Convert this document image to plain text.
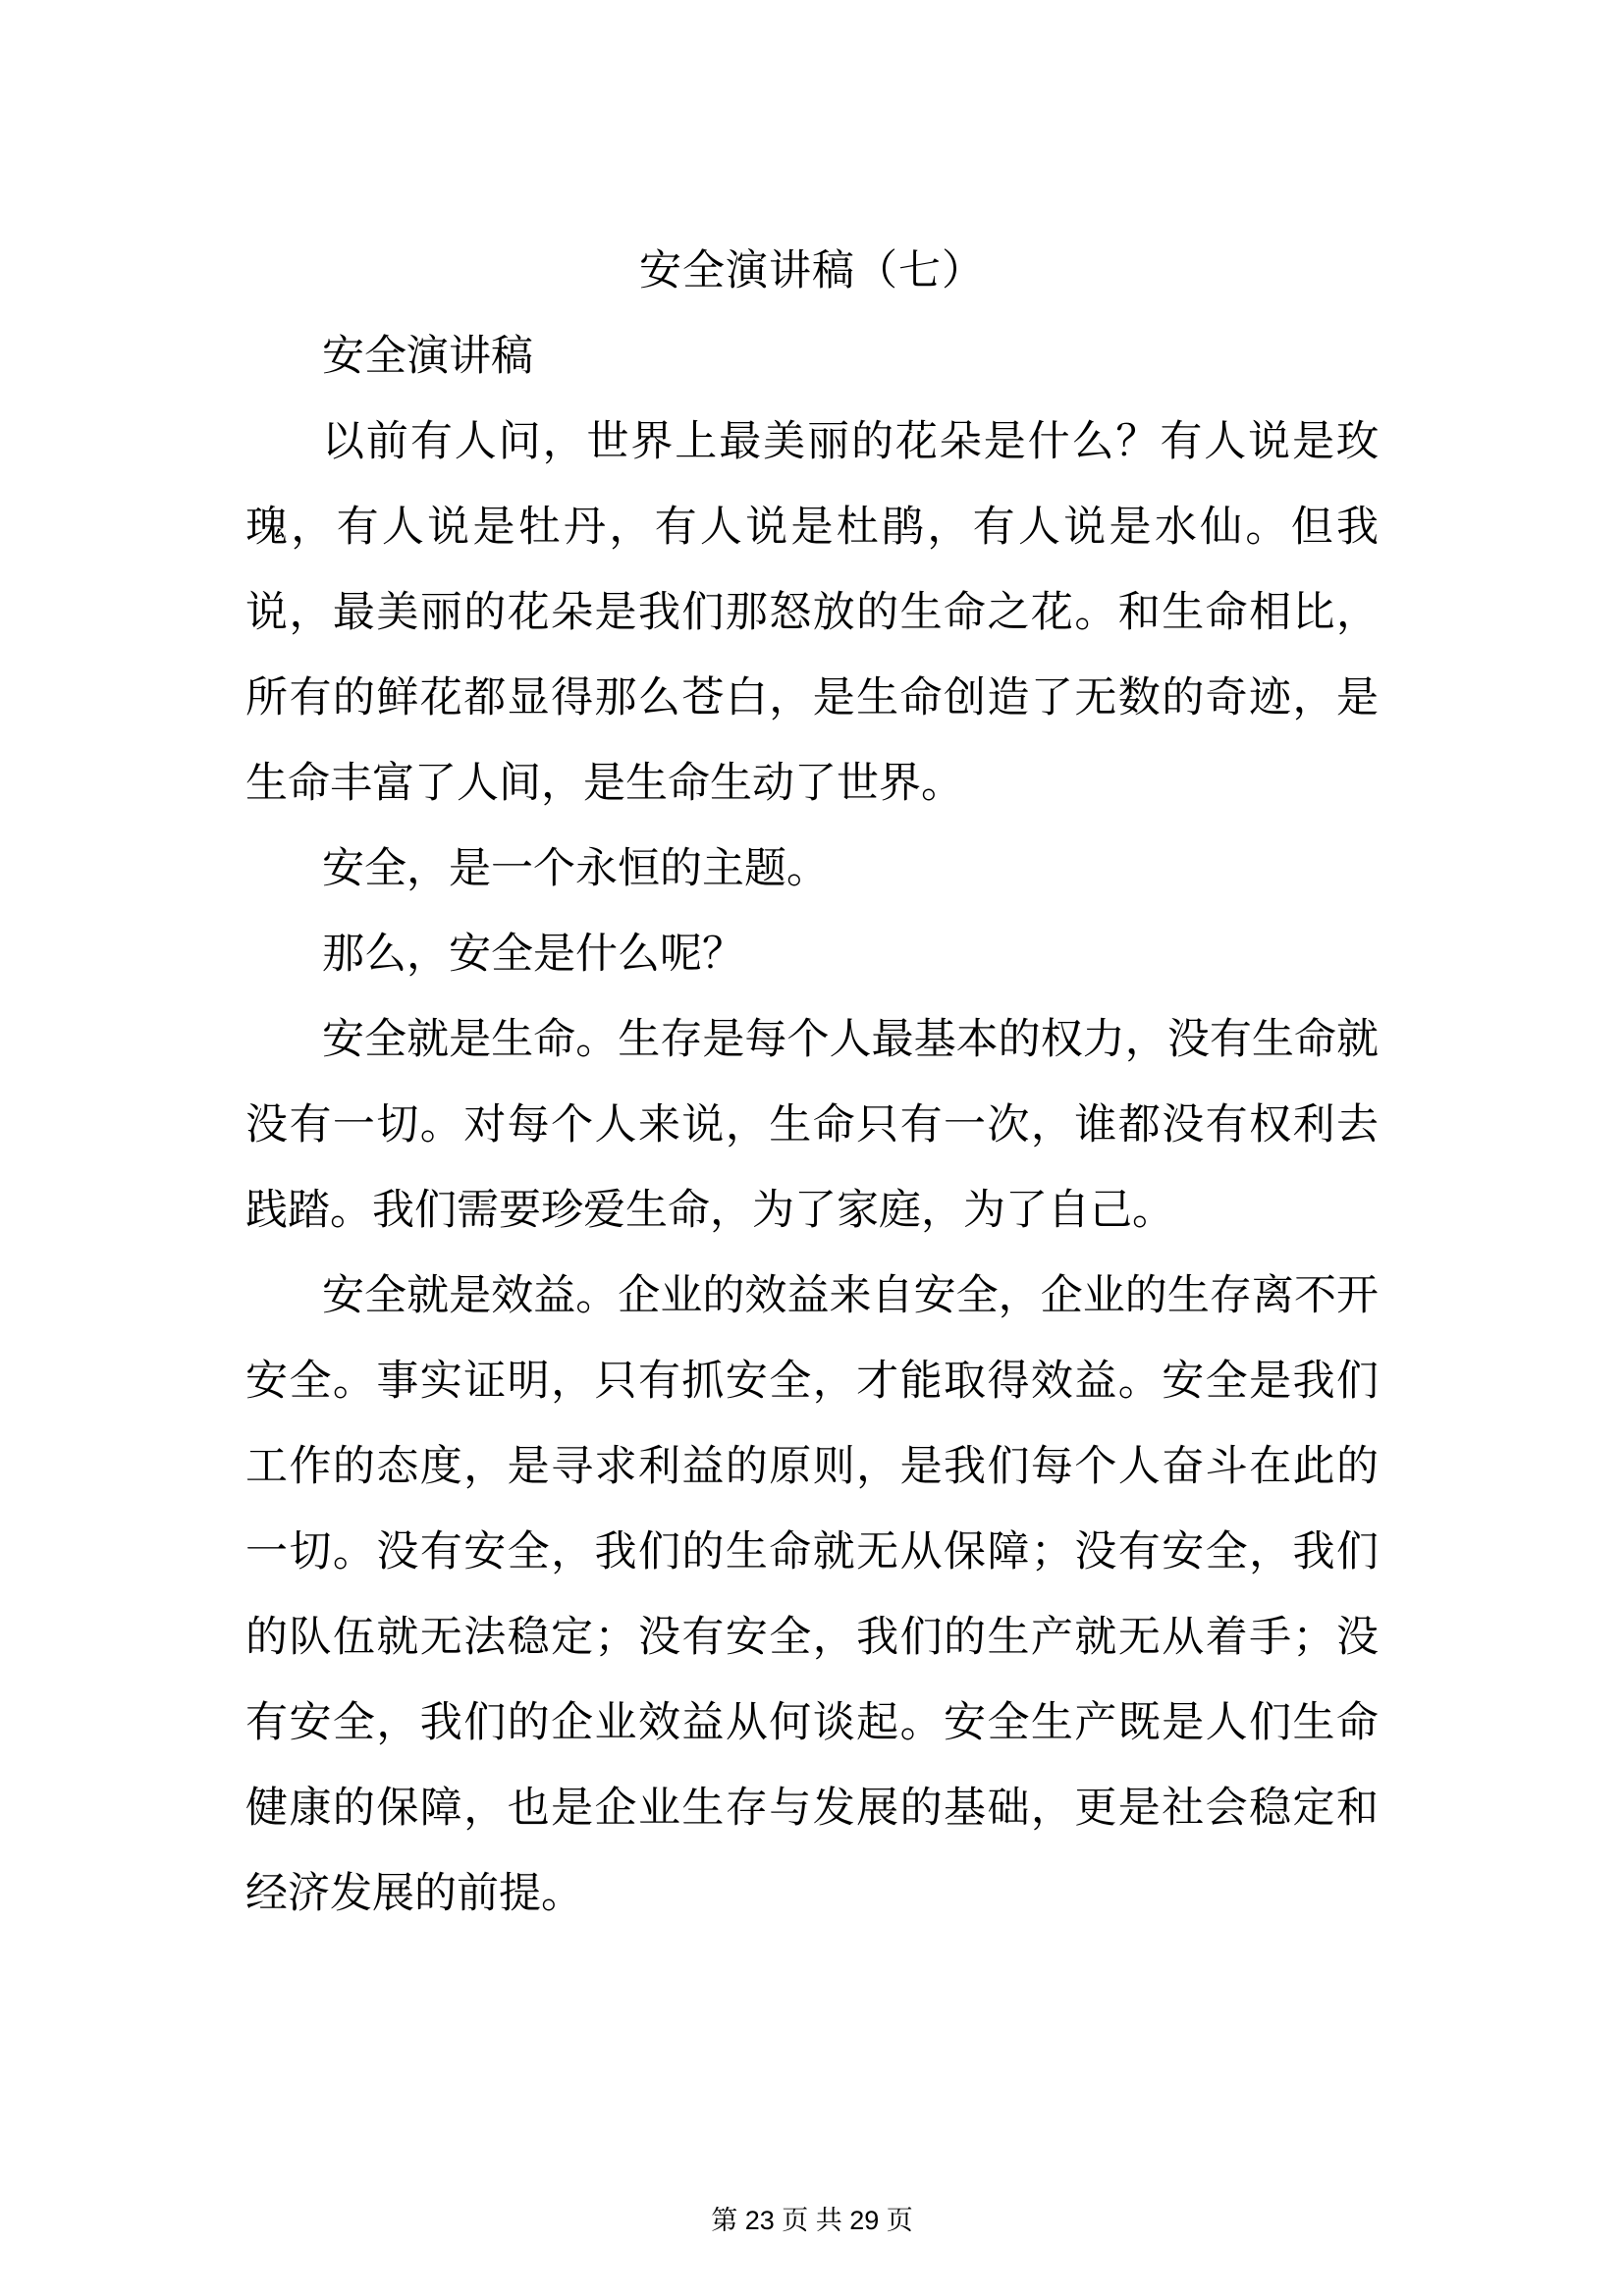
安全演讲稿（七）

安全演讲稿

以前有人问，世界上最美丽的花朵是什么？有人说是玫瑰，有人说是牡丹，有人说是杜鹃，有人说是水仙。但我说，最美丽的花朵是我们那怒放的生命之花。和生命相比，所有的鲜花都显得那么苍白，是生命创造了无数的奇迹，是生命丰富了人间，是生命生动了世界。

安全，是一个永恒的主题。

那么，安全是什么呢？

安全就是生命。生存是每个人最基本的权力，没有生命就没有一切。对每个人来说，生命只有一次，谁都没有权利去践踏。我们需要珍爱生命，为了家庭，为了自己。

安全就是效益。企业的效益来自安全，企业的生存离不开安全。事实证明，只有抓安全，才能取得效益。安全是我们工作的态度，是寻求利益的原则，是我们每个人奋斗在此的一切。没有安全，我们的生命就无从保障；没有安全，我们的队伍就无法稳定；没有安全，我们的生产就无从着手；没有安全，我们的企业效益从何谈起。安全生产既是人们生命健康的保障，也是企业生存与发展的基础，更是社会稳定和经济发展的前提。

第 23 页 共 29 页
